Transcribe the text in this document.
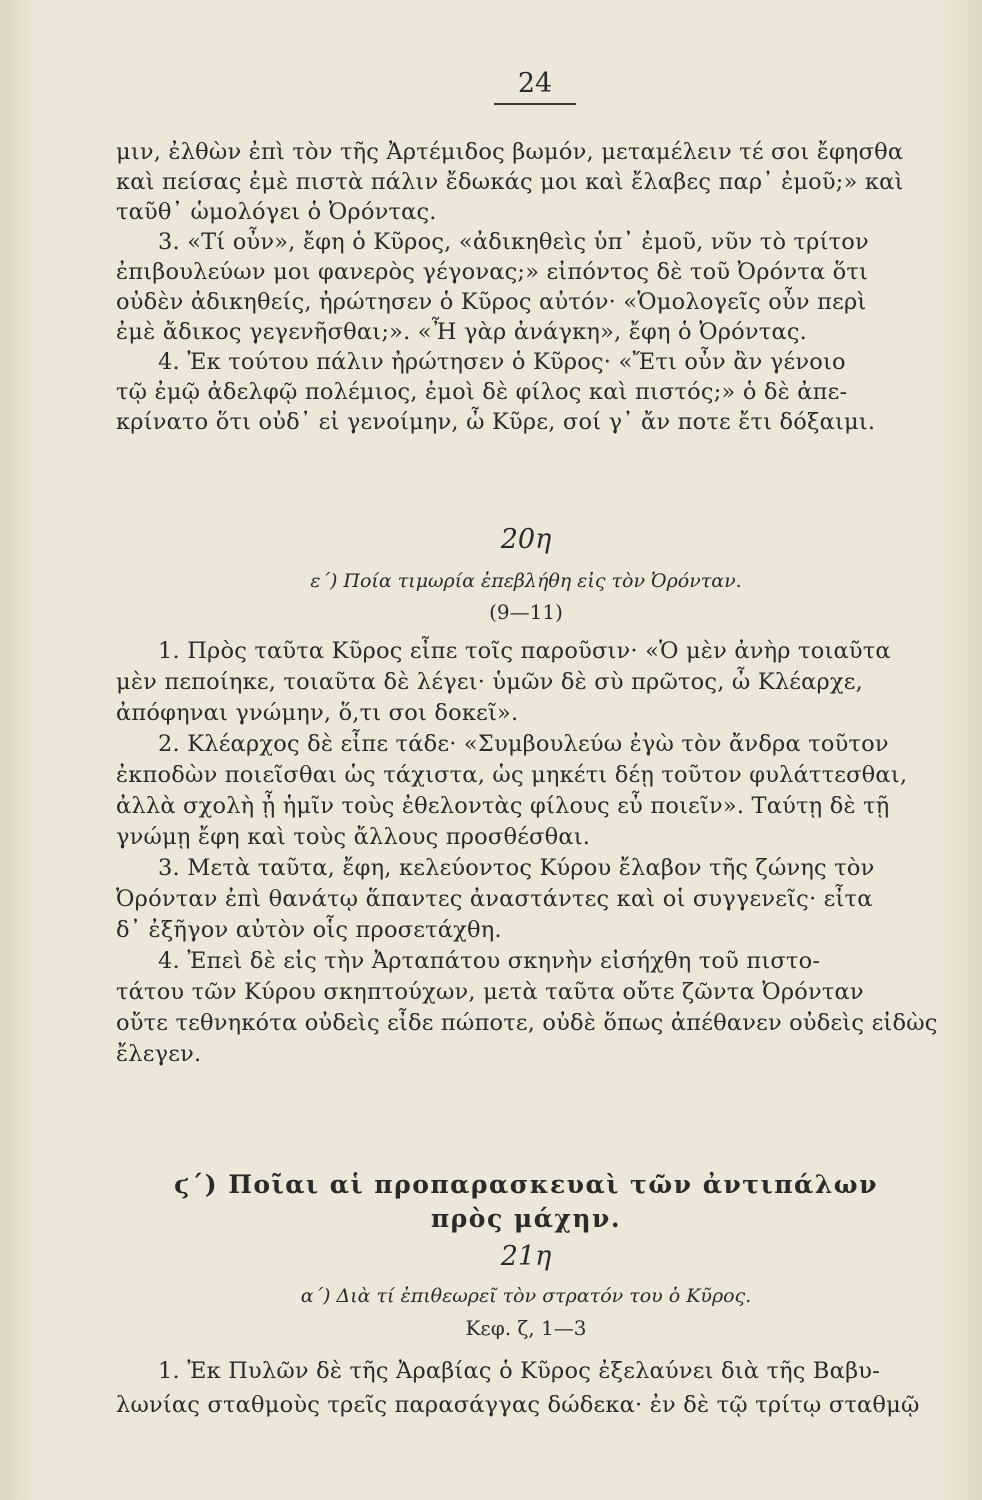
24
μιν, ἐλθὼν ἐπὶ τὸν τῆς Ἀρτέμιδος βωμόν, μεταμέλειν τέ σοι ἔφησθα
καὶ πείσας ἐμὲ πιστὰ πάλιν ἔδωκάς μοι καὶ ἔλαβες παρ᾽ ἐμοῦ;» καὶ
ταῦθ᾽ ὡμολόγει ὁ Ὀρόντας.
3. «Τί οὖν», ἔφη ὁ Κῦρος, «ἀδικηθεὶς ὑπ᾽ ἐμοῦ, νῦν τὸ τρίτον
ἐπιβουλεύων μοι φανερὸς γέγονας;» εἰπόντος δὲ τοῦ Ὀρόντα ὅτι
οὐδὲν ἀδικηθείς, ἠρώτησεν ὁ Κῦρος αὐτόν· «Ὁμολογεῖς οὖν περὶ
ἐμὲ ἄδικος γεγενῆσθαι;». «Ἦ γὰρ ἀνάγκη», ἔφη ὁ Ὀρόντας.
4. Ἐκ τούτου πάλιν ἠρώτησεν ὁ Κῦρος· «Ἔτι οὖν ἂν γένοιο
τῷ ἐμῷ ἀδελφῷ πολέμιος, ἐμοὶ δὲ φίλος καὶ πιστός;» ὁ δὲ ἀπε-
κρίνατο ὅτι οὐδ᾽ εἰ γενοίμην, ὦ Κῦρε, σοί γ᾽ ἄν ποτε ἔτι δόξαιμι.
20η
ε΄) Ποία τιμωρία ἐπεβλήθη εἰς τὸν Ὀρόνταν.
(9—11)
1. Πρὸς ταῦτα Κῦρος εἶπε τοῖς παροῦσιν· «Ὁ μὲν ἀνὴρ τοιαῦτα
μὲν πεποίηκε, τοιαῦτα δὲ λέγει· ὑμῶν δὲ σὺ πρῶτος, ὦ Κλέαρχε,
ἀπόφηναι γνώμην, ὅ,τι σοι δοκεῖ».
2. Κλέαρχος δὲ εἶπε τάδε· «Συμβουλεύω ἐγὼ τὸν ἄνδρα τοῦτον
ἐκποδὼν ποιεῖσθαι ὡς τάχιστα, ὡς μηκέτι δέῃ τοῦτον φυλάττεσθαι,
ἀλλὰ σχολὴ ᾖ ἡμῖν τοὺς ἐθελοντὰς φίλους εὖ ποιεῖν». Ταύτῃ δὲ τῇ
γνώμῃ ἔφη καὶ τοὺς ἄλλους προσθέσθαι.
3. Μετὰ ταῦτα, ἔφη, κελεύοντος Κύρου ἔλαβον τῆς ζώνης τὸν
Ὀρόνταν ἐπὶ θανάτῳ ἅπαντες ἀναστάντες καὶ οἱ συγγενεῖς· εἶτα
δ᾽ ἐξῆγον αὐτὸν οἷς προσετάχθη.
4. Ἐπεὶ δὲ εἰς τὴν Ἀρταπάτου σκηνὴν εἰσήχθη τοῦ πιστο-
τάτου τῶν Κύρου σκηπτούχων, μετὰ ταῦτα οὔτε ζῶντα Ὀρόνταν
οὔτε τεθνηκότα οὐδεὶς εἶδε πώποτε, οὐδὲ ὅπως ἀπέθανεν οὐδεὶς εἰδὼς
ἔλεγεν.
ϛ΄) Ποῖαι αἱ προπαρασκευαὶ τῶν ἀντιπάλων
πρὸς μάχην.
21η
α΄) Διὰ τί ἐπιθεωρεῖ τὸν στρατόν του ὁ Κῦρος.
Κεφ. ζ, 1—3
1. Ἐκ Πυλῶν δὲ τῆς Ἀραβίας ὁ Κῦρος ἐξελαύνει διὰ τῆς Βαβυ-
λωνίας σταθμοὺς τρεῖς παρασάγγας δώδεκα· ἐν δὲ τῷ τρίτῳ σταθμῷ
